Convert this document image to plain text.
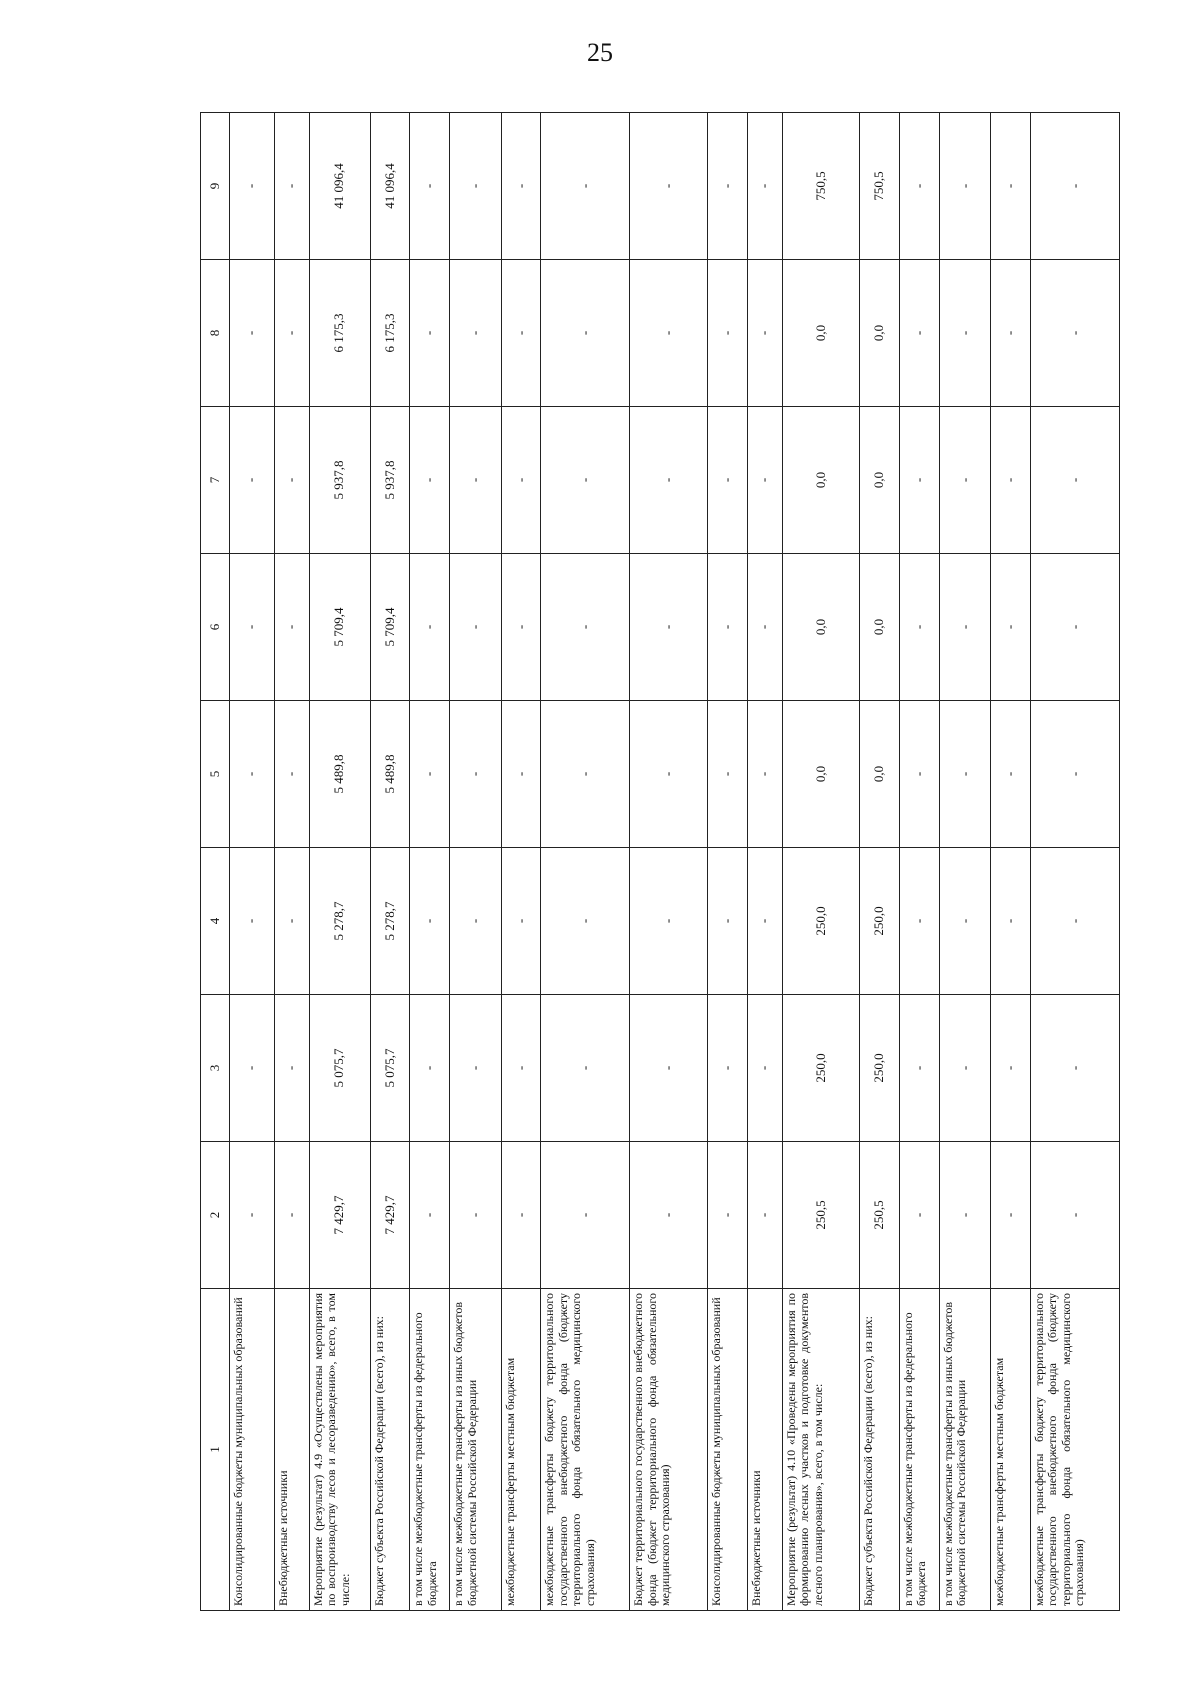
25
1	2	3	4	5	6	7	8	9
Консолидированные бюджеты муниципальных образований	-	-	-	-	-	-	-	-
Внебюджетные источники	-	-	-	-	-	-	-	-
Мероприятие (результат) 4.9 «Осуществлены мероприятия по воспроизводству лесов и лесоразведению», всего, в том числе:	7 429,7	5 075,7	5 278,7	5 489,8	5 709,4	5 937,8	6 175,3	41 096,4
Бюджет субъекта Российской Федерации (всего), из них:	7 429,7	5 075,7	5 278,7	5 489,8	5 709,4	5 937,8	6 175,3	41 096,4
в том числе межбюджетные трансферты из федерального бюджета	-	-	-	-	-	-	-	-
в том числе межбюджетные трансферты из иных бюджетов бюджетной системы Российской Федерации	-	-	-	-	-	-	-	-
межбюджетные трансферты местным бюджетам	-	-	-	-	-	-	-	-
межбюджетные трансферты бюджету территориального государственного внебюджетного фонда (бюджету территориального фонда обязательного медицинского страхования)	-	-	-	-	-	-	-	-
Бюджет территориального государственного внебюджетного фонда (бюджет территориального фонда обязательного медицинского страхования)	-	-	-	-	-	-	-	-
Консолидированные бюджеты муниципальных образований	-	-	-	-	-	-	-	-
Внебюджетные источники	-	-	-	-	-	-	-	-
Мероприятие (результат) 4.10 «Проведены мероприятия по формированию лесных участков и подготовке документов лесного планирования», всего, в том числе:	250,5	250,0	250,0	0,0	0,0	0,0	0,0	750,5
Бюджет субъекта Российской Федерации (всего), из них:	250,5	250,0	250,0	0,0	0,0	0,0	0,0	750,5
в том числе межбюджетные трансферты из федерального бюджета	-	-	-	-	-	-	-	-
в том числе межбюджетные трансферты из иных бюджетов бюджетной системы Российской Федерации	-	-	-	-	-	-	-	-
межбюджетные трансферты местным бюджетам	-	-	-	-	-	-	-	-
межбюджетные трансферты бюджету территориального государственного внебюджетного фонда (бюджету территориального фонда обязательного медицинского страхования)	-	-	-	-	-	-	-	-
